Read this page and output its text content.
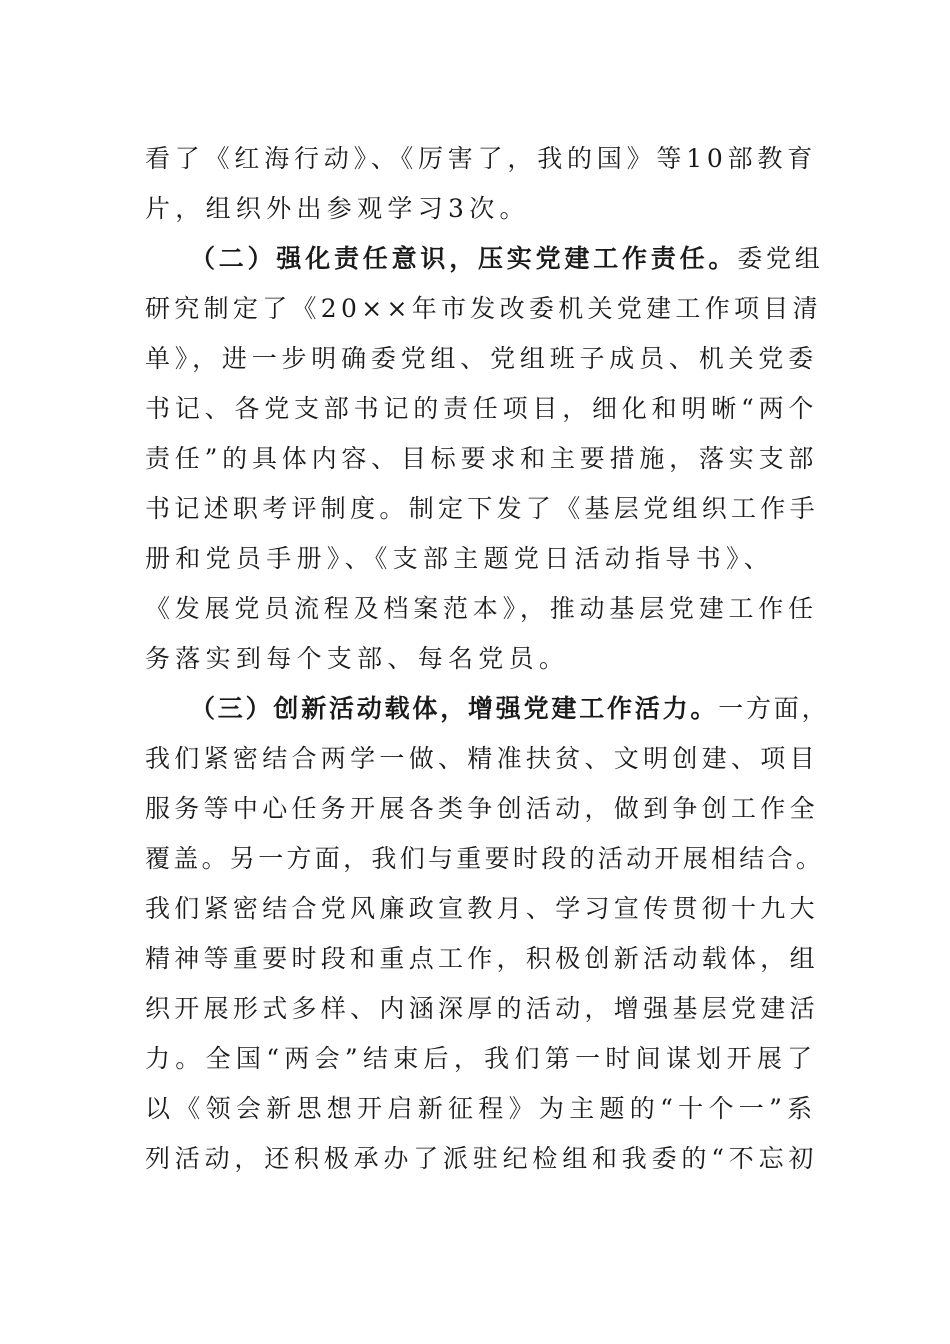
看了《红海行动》、《厉害了，我的国》等10部教育
片，组织外出参观学习3次。
（二）强化责任意识，压实党建工作责任。委党组
研究制定了《20××年市发改委机关党建工作项目清
单》，进一步明确委党组、党组班子成员、机关党委
书记、各党支部书记的责任项目，细化和明晰“两个
责任”的具体内容、目标要求和主要措施，落实支部
书记述职考评制度。制定下发了《基层党组织工作手
册和党员手册》、《支部主题党日活动指导书》、
《发展党员流程及档案范本》，推动基层党建工作任
务落实到每个支部、每名党员。
（三）创新活动载体，增强党建工作活力。一方面，
我们紧密结合两学一做、精准扶贫、文明创建、项目
服务等中心任务开展各类争创活动，做到争创工作全
覆盖。另一方面，我们与重要时段的活动开展相结合。
我们紧密结合党风廉政宣教月、学习宣传贯彻十九大
精神等重要时段和重点工作，积极创新活动载体，组
织开展形式多样、内涵深厚的活动，增强基层党建活
力。全国“两会”结束后，我们第一时间谋划开展了
以《领会新思想开启新征程》为主题的“十个一”系
列活动，还积极承办了派驻纪检组和我委的“不忘初
